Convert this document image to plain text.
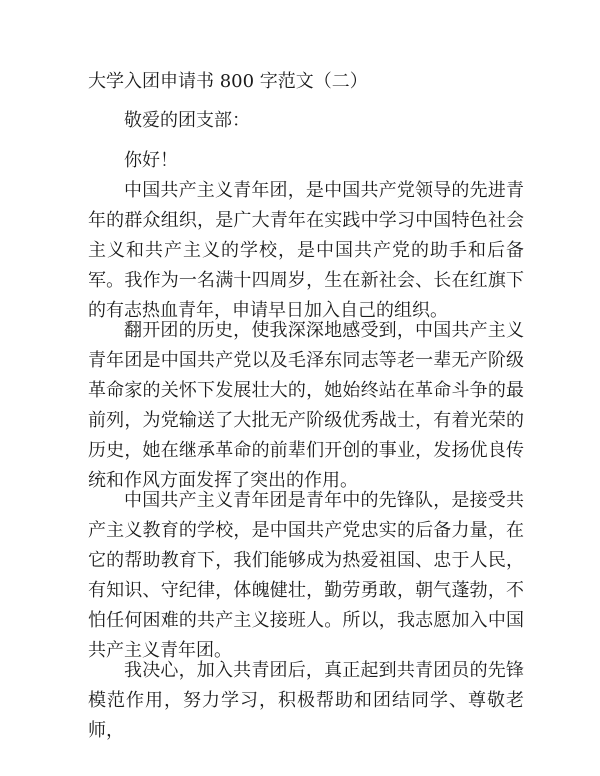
大学入团申请书 800 字范文（二）
敬爱的团支部：
你好！
中国共产主义青年团，是中国共产党领导的先进青年的群众组织，是广大青年在实践中学习中国特色社会主义和共产主义的学校，是中国共产党的助手和后备军。我作为一名满十四周岁，生在新社会、长在红旗下的有志热血青年，申请早日加入自己的组织。
翻开团的历史，使我深深地感受到，中国共产主义青年团是中国共产党以及毛泽东同志等老一辈无产阶级革命家的关怀下发展壮大的，她始终站在革命斗争的最前列，为党输送了大批无产阶级优秀战士，有着光荣的历史，她在继承革命的前辈们开创的事业，发扬优良传统和作风方面发挥了突出的作用。
中国共产主义青年团是青年中的先锋队，是接受共产主义教育的学校，是中国共产党忠实的后备力量，在它的帮助教育下，我们能够成为热爱祖国、忠于人民，有知识、守纪律，体魄健壮，勤劳勇敢，朝气蓬勃，不怕任何困难的共产主义接班人。所以，我志愿加入中国共产主义青年团。
我决心，加入共青团后，真正起到共青团员的先锋模范作用，努力学习，积极帮助和团结同学、尊敬老师，
